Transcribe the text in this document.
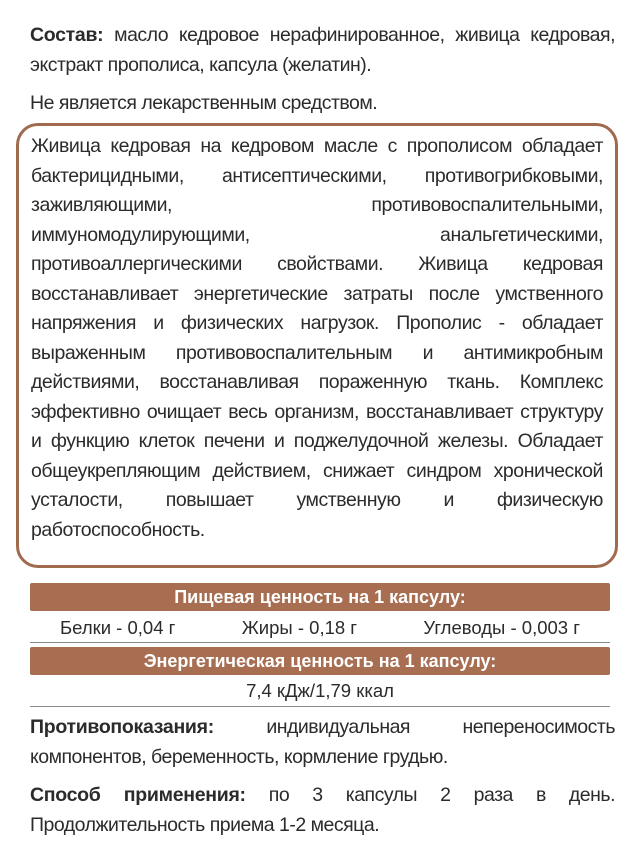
Состав: масло кедровое нерафинированное, живица кедровая, экстракт прополиса, капсула (желатин).
Не является лекарственным средством.
Живица кедровая на кедровом масле с прополисом обладает бактерицидными, антисептическими, противогрибковыми, заживляющими, противовоспалительными, иммуномодулирующими, анальгетическими, противоаллергическими свойствами. Живица кедровая восстанавливает энергетические затраты после умственного напряжения и физических нагрузок. Прополис - обладает выраженным противовоспалительным и антимикробным действиями, восстанавливая пораженную ткань. Комплекс эффективно очищает весь организм, восстанавливает структуру и функцию клеток печени и поджелудочной железы. Обладает общеукрепляющим действием, снижает синдром хронической усталости, повышает умственную и физическую работоспособность.
Пищевая ценность на 1 капсулу:
Белки - 0,04 г	Жиры - 0,18 г	Углеводы - 0,003 г
Энергетическая ценность на 1 капсулу:
7,4 кДж/1,79 ккал
Противопоказания: индивидуальная непереносимость компонентов, беременность, кормление грудью.
Способ применения: по 3 капсулы 2 раза в день. Продолжительность приема 1-2 месяца.
